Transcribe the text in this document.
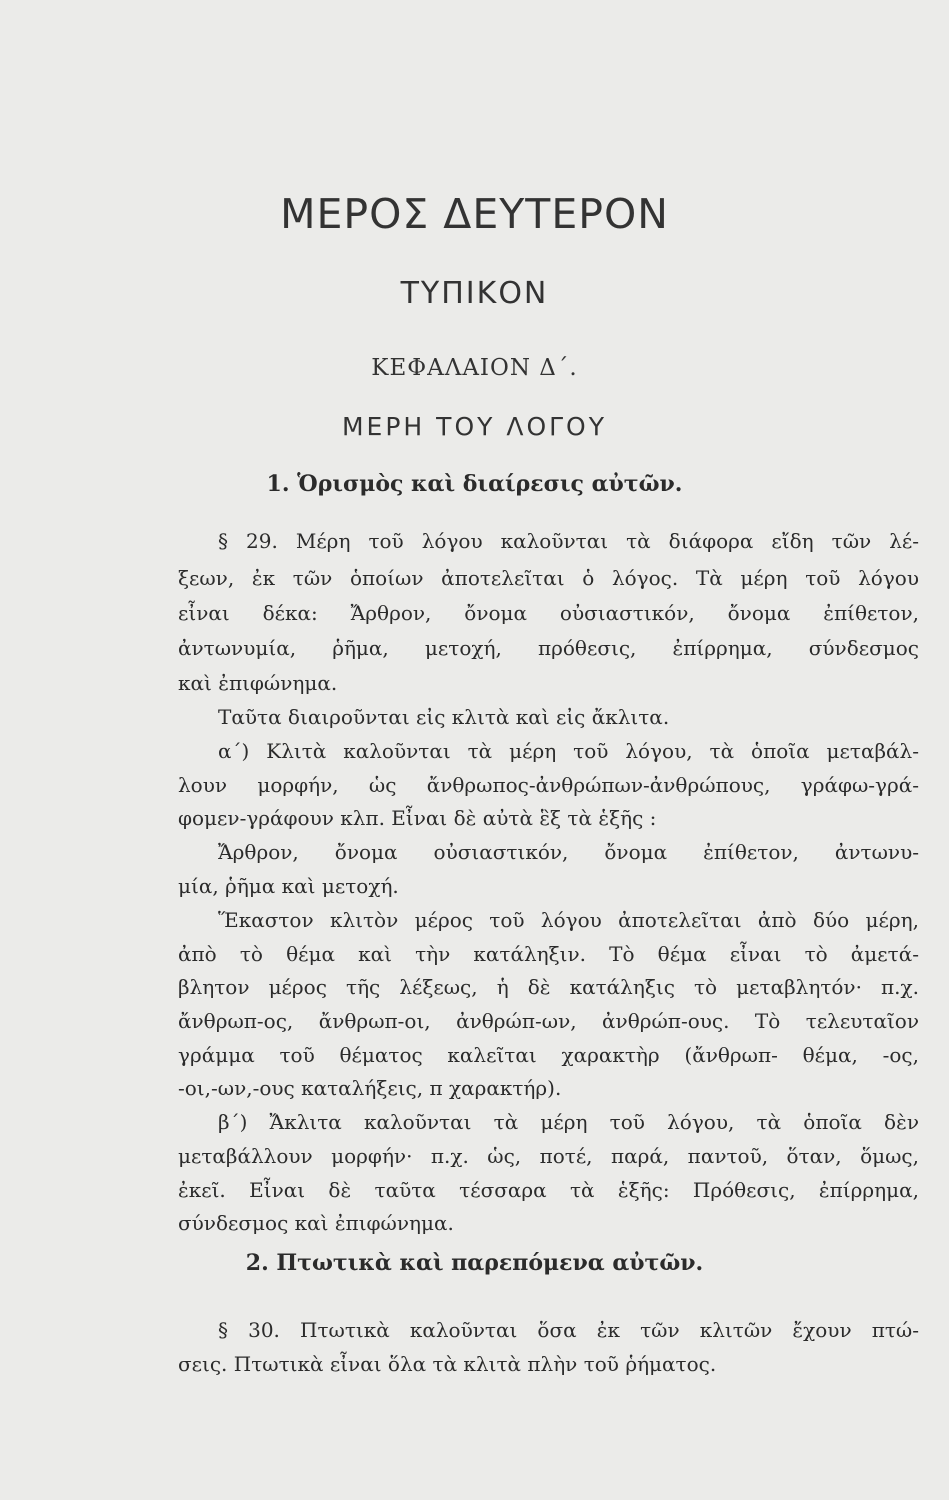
ΜΕΡΟΣ ΔΕΥΤΕΡΟΝ
ΤΥΠΙΚΟΝ
ΚΕΦΑΛΑΙΟΝ Δ΄.
ΜΕΡΗ ΤΟΥ ΛΟΓΟΥ
1. Ὁρισμὸς καὶ διαίρεσις αὐτῶν.
§ 29. Μέρη τοῦ λόγου καλοῦνται τὰ διάφορα εἴδη τῶν λέ-
ξεων, ἐκ τῶν ὁποίων ἀποτελεῖται ὁ λόγος. Τὰ μέρη τοῦ λόγου
εἶναι δέκα: Ἄρθρον, ὄνομα οὐσιαστικόν, ὄνομα ἐπίθετον,
ἀντωνυμία, ῥῆμα, μετοχή, πρόθεσις, ἐπίρρημα, σύνδεσμος
καὶ ἐπιφώνημα.
Ταῦτα διαιροῦνται εἰς κλιτὰ καὶ εἰς ἄκλιτα.
α΄) Κλιτὰ καλοῦνται τὰ μέρη τοῦ λόγου, τὰ ὁποῖα μεταβάλ-
λουν μορφήν, ὡς ἄνθρωπος-ἀνθρώπων-ἀνθρώπους, γράφω-γρά-
φομεν-γράφουν κλπ. Εἶναι δὲ αὐτὰ ἓξ τὰ ἑξῆς :
Ἄρθρον, ὄνομα οὐσιαστικόν, ὄνομα ἐπίθετον, ἀντωνυ-
μία, ῥῆμα καὶ μετοχή.
Ἕκαστον κλιτὸν μέρος τοῦ λόγου ἀποτελεῖται ἀπὸ δύο μέρη,
ἀπὸ τὸ θέμα καὶ τὴν κατάληξιν. Τὸ θέμα εἶναι τὸ ἀμετά-
βλητον μέρος τῆς λέξεως, ἡ δὲ κατάληξις τὸ μεταβλητόν· π.χ.
ἄνθρωπ-ος, ἄνθρωπ-οι, ἀνθρώπ-ων, ἀνθρώπ-ους. Τὸ τελευταῖον
γράμμα τοῦ θέματος καλεῖται χαρακτὴρ (ἄνθρωπ- θέμα, -ος,
-οι,-ων,-ους καταλήξεις, π χαρακτήρ).
β΄) Ἄκλιτα καλοῦνται τὰ μέρη τοῦ λόγου, τὰ ὁποῖα δὲν
μεταβάλλουν μορφήν· π.χ. ὡς, ποτέ, παρά, παντοῦ, ὅταν, ὅμως,
ἐκεῖ. Εἶναι δὲ ταῦτα τέσσαρα τὰ ἑξῆς: Πρόθεσις, ἐπίρρημα,
σύνδεσμος καὶ ἐπιφώνημα.
2. Πτωτικὰ καὶ παρεπόμενα αὐτῶν.
§ 30. Πτωτικὰ καλοῦνται ὅσα ἐκ τῶν κλιτῶν ἔχουν πτώ-
σεις. Πτωτικὰ εἶναι ὅλα τὰ κλιτὰ πλὴν τοῦ ῥήματος.
